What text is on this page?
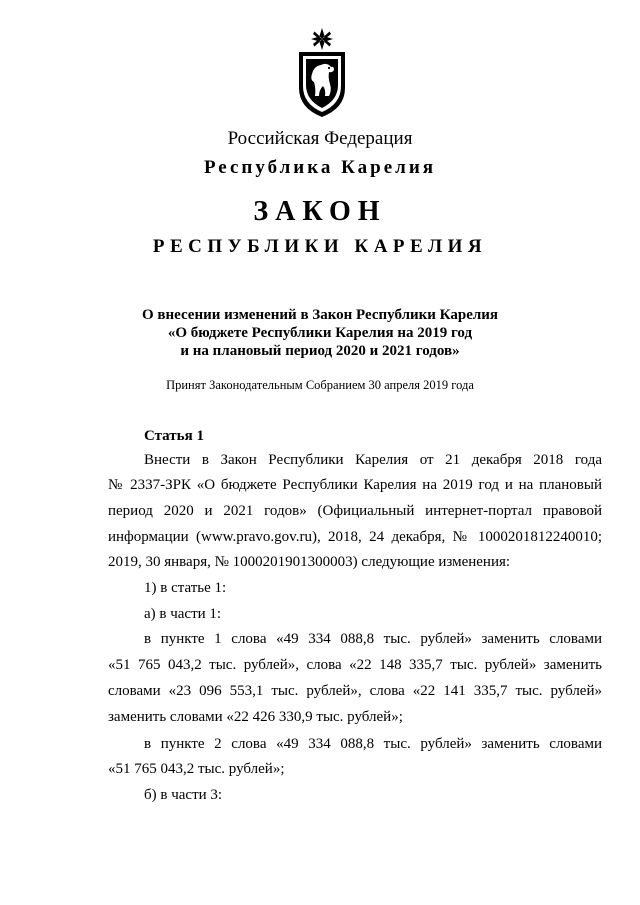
Российская Федерация
Республика Карелия
ЗАКОН
РЕСПУБЛИКИ КАРЕЛИЯ
О внесении изменений в Закон Республики Карелия
«О бюджете Республики Карелия на 2019 год
и на плановый период 2020 и 2021 годов»
Принят Законодательным Собранием 30 апреля 2019 года
Статья 1
Внести в Закон Республики Карелия от 21 декабря 2018 года
№ 2337-ЗРК «О бюджете Республики Карелия на 2019 год и на плановый
период 2020 и 2021 годов» (Официальный интернет-портал правовой
информации (www.pravo.gov.ru), 2018, 24 декабря, № 1000201812240010;
2019, 30 января, № 1000201901300003) следующие изменения:
1) в статье 1:
а) в части 1:
в пункте 1 слова «49 334 088,8 тыс. рублей» заменить словами
«51 765 043,2 тыс. рублей», слова «22 148 335,7 тыс. рублей» заменить
словами «23 096 553,1 тыс. рублей», слова «22 141 335,7 тыс. рублей»
заменить словами «22 426 330,9 тыс. рублей»;
в пункте 2 слова «49 334 088,8 тыс. рублей» заменить словами
«51 765 043,2 тыс. рублей»;
б) в части 3:
